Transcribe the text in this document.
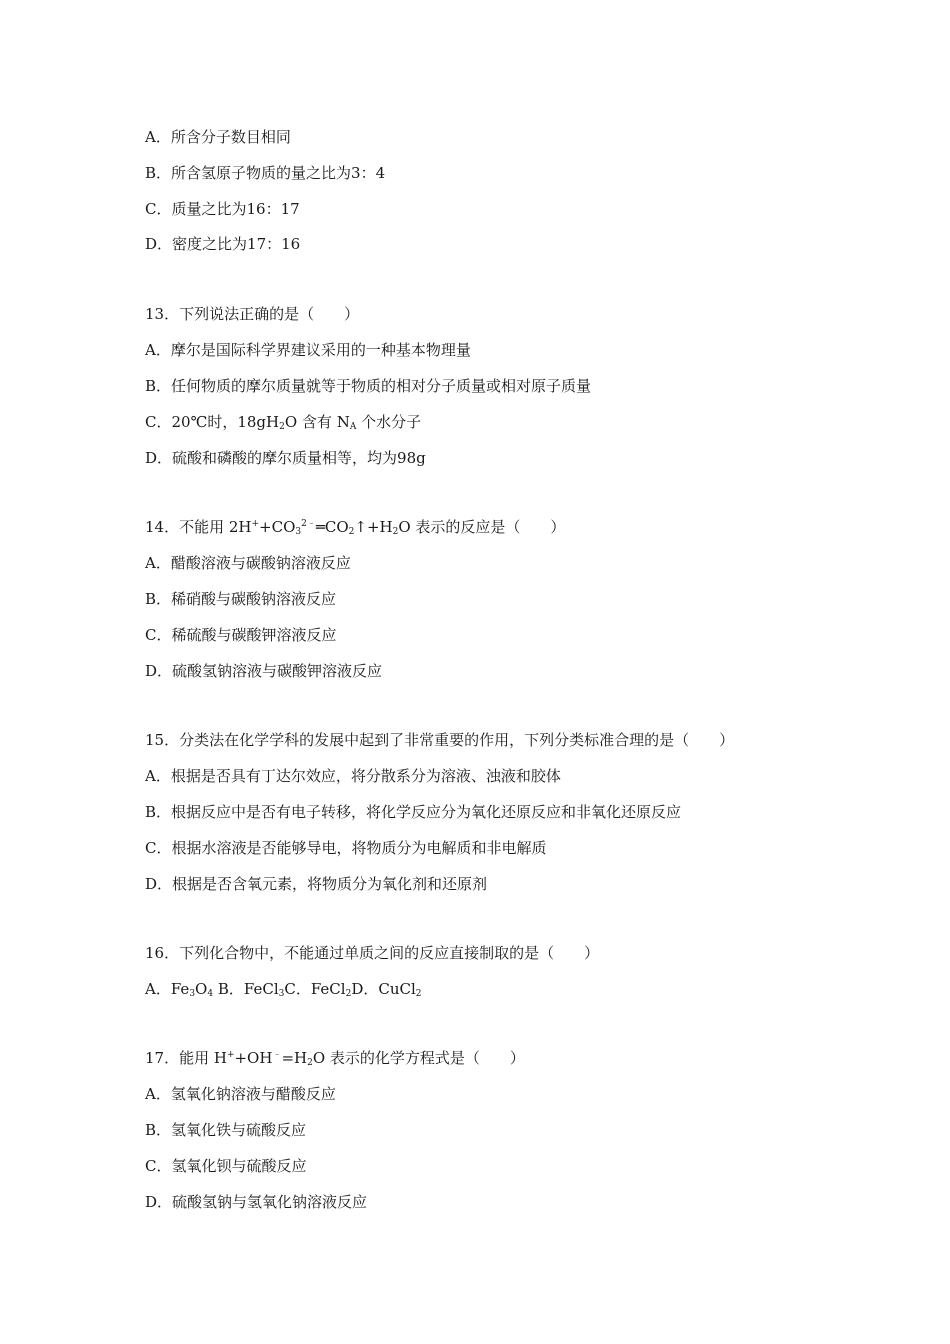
A．所含分子数目相同
B．所含氢原子物质的量之比为3：4
C．质量之比为16：17
D．密度之比为17：16
13．下列说法正确的是（　　）
A．摩尔是国际科学界建议采用的一种基本物理量
B．任何物质的摩尔质量就等于物质的相对分子质量或相对原子质量
C．20℃时，$18gH_2O$ 含有 $N_A$ 个水分子
D．硫酸和磷酸的摩尔质量相等，均为98g
14．不能用 $2H^++CO_3^{2﹣}═CO_2↑+H_2O$ 表示的反应是（　　）
A．醋酸溶液与碳酸钠溶液反应
B．稀硝酸与碳酸钠溶液反应
C．稀硫酸与碳酸钾溶液反应
D．硫酸氢钠溶液与碳酸钾溶液反应
15．分类法在化学学科的发展中起到了非常重要的作用，下列分类标准合理的是（　　）
A．根据是否具有丁达尔效应，将分散系分为溶液、浊液和胶体
B．根据反应中是否有电子转移，将化学反应分为氧化还原反应和非氧化还原反应
C．根据水溶液是否能够导电，将物质分为电解质和非电解质
D．根据是否含氧元素，将物质分为氧化剂和还原剂
16．下列化合物中，不能通过单质之间的反应直接制取的是（　　）
A．$Fe_3O_4$ B．FeCl$_3$C．FeCl$_2$D．CuCl$_2$
17．能用 $H^++OH^﹣=H_2O$ 表示的化学方程式是（　　）
A．氢氧化钠溶液与醋酸反应
B．氢氧化铁与硫酸反应
C．氢氧化钡与硫酸反应
D．硫酸氢钠与氢氧化钠溶液反应
